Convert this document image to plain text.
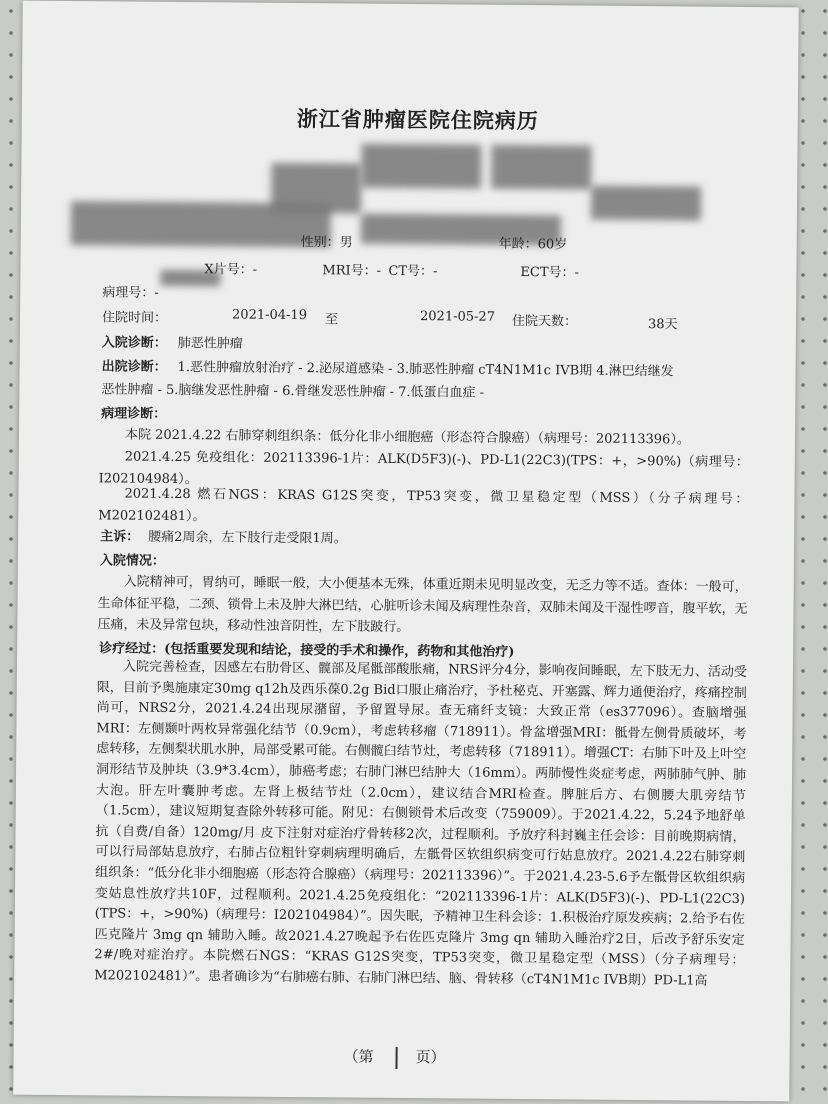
浙江省肿瘤医院住院病历
性别：男	年龄：60岁
X片号：-	MRI号：- CT号：-	ECT号：-
病理号：-
住院时间：	2021-04-19 至	2021-05-27 住院天数：	38天
入院诊断： 肺恶性肿瘤
出院诊断： 1.恶性肿瘤放射治疗 - 2.泌尿道感染 - 3.肺恶性肿瘤 cT4N1M1c IVB期 4.淋巴结继发
恶性肿瘤 - 5.脑继发恶性肿瘤 - 6.骨继发恶性肿瘤 - 7.低蛋白血症 -
病理诊断：
本院 2021.4.22 右肺穿刺组织条：低分化非小细胞癌（形态符合腺癌）（病理号：202113396）。
2021.4.25 免疫组化：202113396-1片：ALK(D5F3)(-)、PD-L1(22C3)(TPS：+，>90%)（病理号：I202104984）。
2021.4.28 燃石NGS：KRAS G12S突变，TP53突变，微卫星稳定型（MSS）（分子病理号：M202102481）。
主诉： 腰痛2周余，左下肢行走受限1周。
入院情况：
入院精神可，胃纳可，睡眠一般，大小便基本无殊，体重近期未见明显改变，无乏力等不适。查体：一般可，生命体征平稳，二颈、锁骨上未及肿大淋巴结，心脏听诊未闻及病理性杂音，双肺未闻及干湿性啰音，腹平软，无压痛，未及异常包块，移动性浊音阴性，左下肢跛行。
诊疗经过：(包括重要发现和结论，接受的手术和操作，药物和其他治疗)
入院完善检查，因感左右肋骨区、髋部及尾骶部酸胀痛，NRS评分4分，影响夜间睡眠，左下肢无力、活动受限，目前予奥施康定30mg q12h及西乐葆0.2g Bid口服止痛治疗，予杜秘克、开塞露、辉力通便治疗，疼痛控制尚可，NRS2分，2021.4.24出现尿潴留，予留置导尿。查无痛纤支镜：大致正常（es377096）。查脑增强MRI：左侧颞叶两枚异常强化结节（0.9cm），考虑转移瘤（718911）。骨盆增强MRI：骶骨左侧骨质破坏，考虑转移，左侧梨状肌水肿，局部受累可能。右侧髋臼结节灶，考虑转移（718911）。增强CT：右肺下叶及上叶空洞形结节及肿块（3.9*3.4cm），肺癌考虑；右肺门淋巴结肿大（16mm）。两肺慢性炎症考虑，两肺肺气肿、肺大泡。肝左叶囊肿考虑。左肾上极结节灶（2.0cm），建议结合MRI检查。脾脏后方、右侧腰大肌旁结节（1.5cm），建议短期复查除外转移可能。附见：右侧锁骨术后改变（759009）。于2021.4.22，5.24予地舒单抗（自费/自备）120mg/月 皮下注射对症治疗骨转移2次，过程顺利。予放疗科封巍主任会诊：目前晚期病情，可以行局部姑息放疗，右肺占位粗针穿刺病理明确后，左骶骨区软组织病变可行姑息放疗。2021.4.22右肺穿刺组织条：“低分化非小细胞癌（形态符合腺癌）（病理号：202113396）”。于2021.4.23-5.6予左骶骨区软组织病变姑息性放疗共10F，过程顺利。2021.4.25免疫组化：“202113396-1片：ALK(D5F3)(-)、PD-L1(22C3)(TPS：+，>90%)（病理号：I202104984）”。因失眠，予精神卫生科会诊：1.积极治疗原发疾病；2.给予右佐匹克隆片 3mg qn 辅助入睡。故2021.4.27晚起予右佐匹克隆片 3mg qn 辅助入睡治疗2日，后改予舒乐安定2#/晚对症治疗。本院燃石NGS：“KRAS G12S突变，TP53突变，微卫星稳定型（MSS）（分子病理号：M202102481）”。患者确诊为“右肺癌右肺、右肺门淋巴结、脑、骨转移（cT4N1M1c IVB期）PD-L1高
（第	页）
